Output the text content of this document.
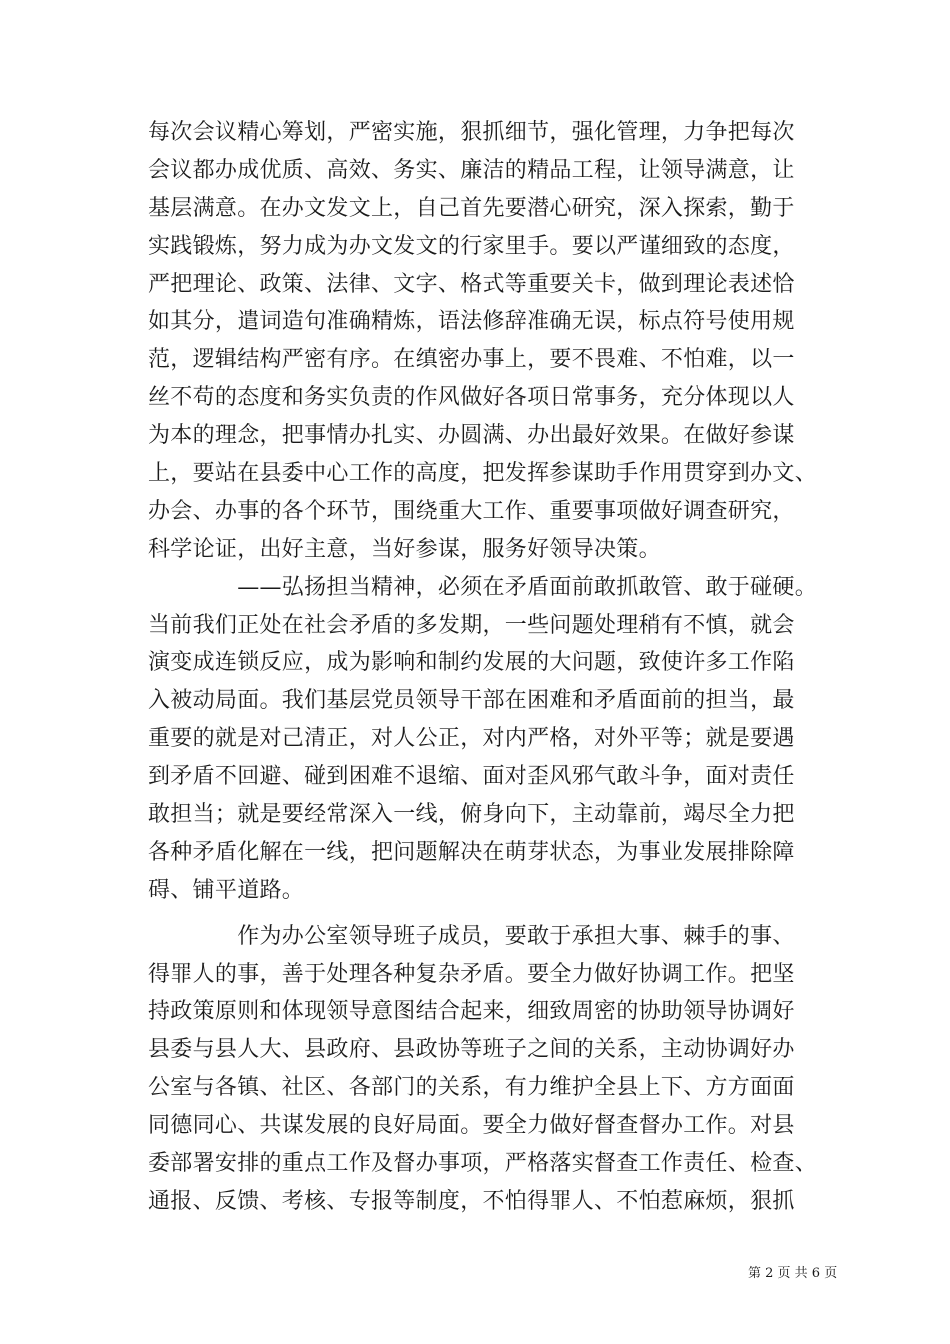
每次会议精心筹划，严密实施，狠抓细节，强化管理，力争把每次
会议都办成优质、高效、务实、廉洁的精品工程，让领导满意，让
基层满意。在办文发文上，自己首先要潜心研究，深入探索，勤于
实践锻炼，努力成为办文发文的行家里手。要以严谨细致的态度，
严把理论、政策、法律、文字、格式等重要关卡，做到理论表述恰
如其分，遣词造句准确精炼，语法修辞准确无误，标点符号使用规
范，逻辑结构严密有序。在缜密办事上，要不畏难、不怕难，以一
丝不苟的态度和务实负责的作风做好各项日常事务，充分体现以人
为本的理念，把事情办扎实、办圆满、办出最好效果。在做好参谋
上，要站在县委中心工作的高度，把发挥参谋助手作用贯穿到办文、
办会、办事的各个环节，围绕重大工作、重要事项做好调查研究，
科学论证，出好主意，当好参谋，服务好领导决策。
　　　　——弘扬担当精神，必须在矛盾面前敢抓敢管、敢于碰硬。
当前我们正处在社会矛盾的多发期，一些问题处理稍有不慎，就会
演变成连锁反应，成为影响和制约发展的大问题，致使许多工作陷
入被动局面。我们基层党员领导干部在困难和矛盾面前的担当，最
重要的就是对己清正，对人公正，对内严格，对外平等；就是要遇
到矛盾不回避、碰到困难不退缩、面对歪风邪气敢斗争，面对责任
敢担当；就是要经常深入一线，俯身向下，主动靠前，竭尽全力把
各种矛盾化解在一线，把问题解决在萌芽状态，为事业发展排除障
碍、铺平道路。
　　　　作为办公室领导班子成员，要敢于承担大事、棘手的事、
得罪人的事，善于处理各种复杂矛盾。要全力做好协调工作。把坚
持政策原则和体现领导意图结合起来，细致周密的协助领导协调好
县委与县人大、县政府、县政协等班子之间的关系，主动协调好办
公室与各镇、社区、各部门的关系，有力维护全县上下、方方面面
同德同心、共谋发展的良好局面。要全力做好督查督办工作。对县
委部署安排的重点工作及督办事项，严格落实督查工作责任、检查、
通报、反馈、考核、专报等制度，不怕得罪人、不怕惹麻烦，狠抓
第 2 页 共 6 页
